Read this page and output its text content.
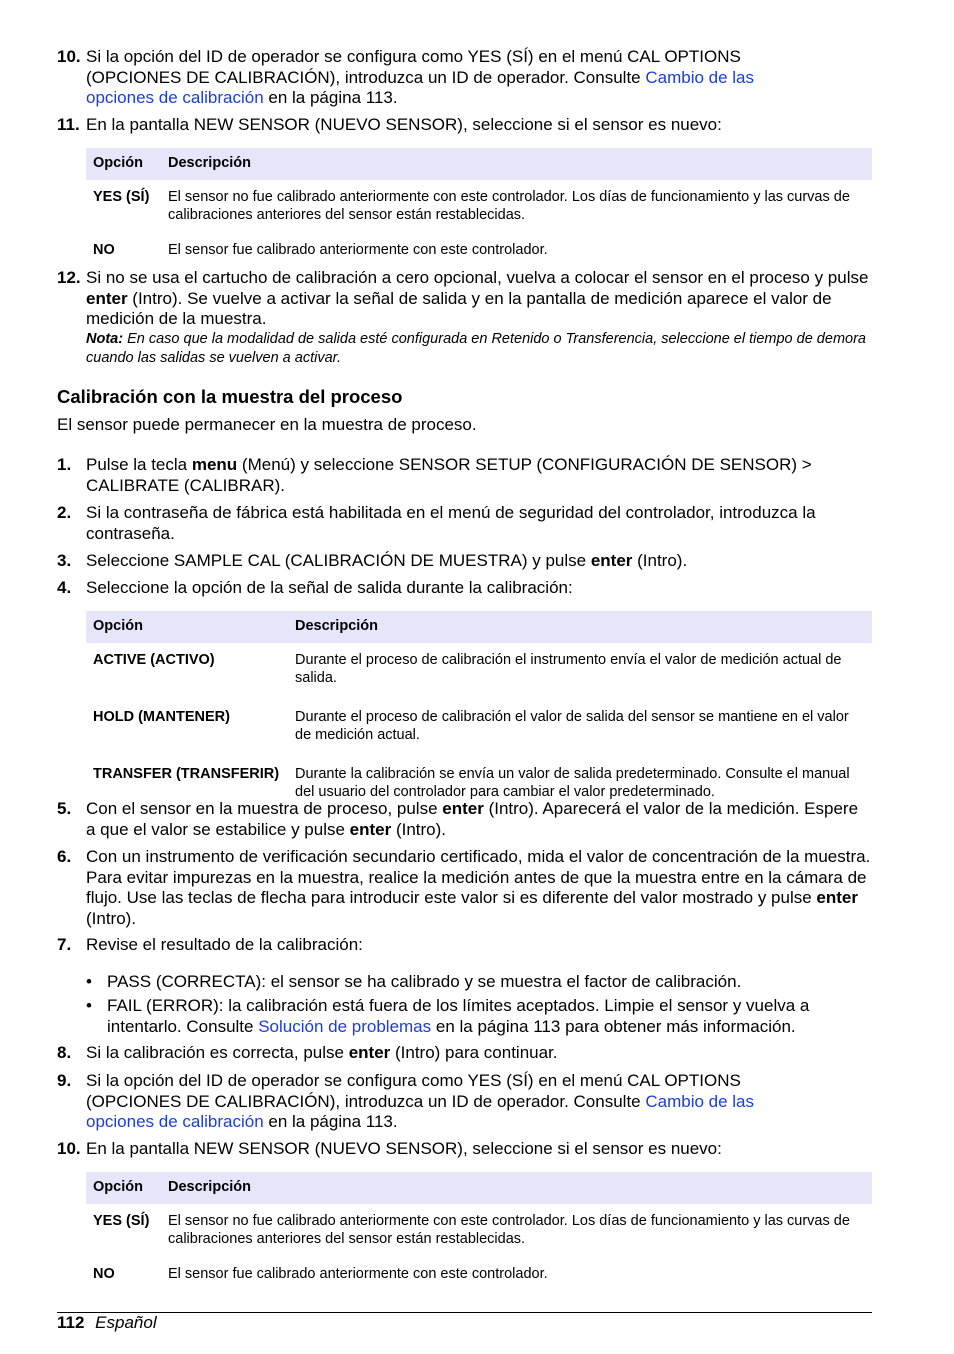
10. Si la opción del ID de operador se configura como YES (SÍ) en el menú CAL OPTIONS (OPCIONES DE CALIBRACIÓN), introduzca un ID de operador. Consulte Cambio de las opciones de calibración en la página 113.
11. En la pantalla NEW SENSOR (NUEVO SENSOR), seleccione si el sensor es nuevo:
Opción	Descripción
YES (SÍ)	El sensor no fue calibrado anteriormente con este controlador. Los días de funcionamiento y las curvas de calibraciones anteriores del sensor están restablecidas.
NO	El sensor fue calibrado anteriormente con este controlador.
12. Si no se usa el cartucho de calibración a cero opcional, vuelva a colocar el sensor en el proceso y pulse enter (Intro). Se vuelve a activar la señal de salida y en la pantalla de medición aparece el valor de medición de la muestra.
Nota: En caso que la modalidad de salida esté configurada en Retenido o Transferencia, seleccione el tiempo de demora cuando las salidas se vuelven a activar.
Calibración con la muestra del proceso
El sensor puede permanecer en la muestra de proceso.
1. Pulse la tecla menu (Menú) y seleccione SENSOR SETUP (CONFIGURACIÓN DE SENSOR) > CALIBRATE (CALIBRAR).
2. Si la contraseña de fábrica está habilitada en el menú de seguridad del controlador, introduzca la contraseña.
3. Seleccione SAMPLE CAL (CALIBRACIÓN DE MUESTRA) y pulse enter (Intro).
4. Seleccione la opción de la señal de salida durante la calibración:
Opción	Descripción
ACTIVE (ACTIVO)	Durante el proceso de calibración el instrumento envía el valor de medición actual de salida.
HOLD (MANTENER)	Durante el proceso de calibración el valor de salida del sensor se mantiene en el valor de medición actual.
TRANSFER (TRANSFERIR)	Durante la calibración se envía un valor de salida predeterminado. Consulte el manual del usuario del controlador para cambiar el valor predeterminado.
5. Con el sensor en la muestra de proceso, pulse enter (Intro). Aparecerá el valor de la medición. Espere a que el valor se estabilice y pulse enter (Intro).
6. Con un instrumento de verificación secundario certificado, mida el valor de concentración de la muestra. Para evitar impurezas en la muestra, realice la medición antes de que la muestra entre en la cámara de flujo. Use las teclas de flecha para introducir este valor si es diferente del valor mostrado y pulse enter (Intro).
7. Revise el resultado de la calibración:
• PASS (CORRECTA): el sensor se ha calibrado y se muestra el factor de calibración.
• FAIL (ERROR): la calibración está fuera de los límites aceptados. Limpie el sensor y vuelva a intentarlo. Consulte Solución de problemas en la página 113 para obtener más información.
8. Si la calibración es correcta, pulse enter (Intro) para continuar.
9. Si la opción del ID de operador se configura como YES (SÍ) en el menú CAL OPTIONS (OPCIONES DE CALIBRACIÓN), introduzca un ID de operador. Consulte Cambio de las opciones de calibración en la página 113.
10. En la pantalla NEW SENSOR (NUEVO SENSOR), seleccione si el sensor es nuevo:
Opción	Descripción
YES (SÍ)	El sensor no fue calibrado anteriormente con este controlador. Los días de funcionamiento y las curvas de calibraciones anteriores del sensor están restablecidas.
NO	El sensor fue calibrado anteriormente con este controlador.
112 Español
